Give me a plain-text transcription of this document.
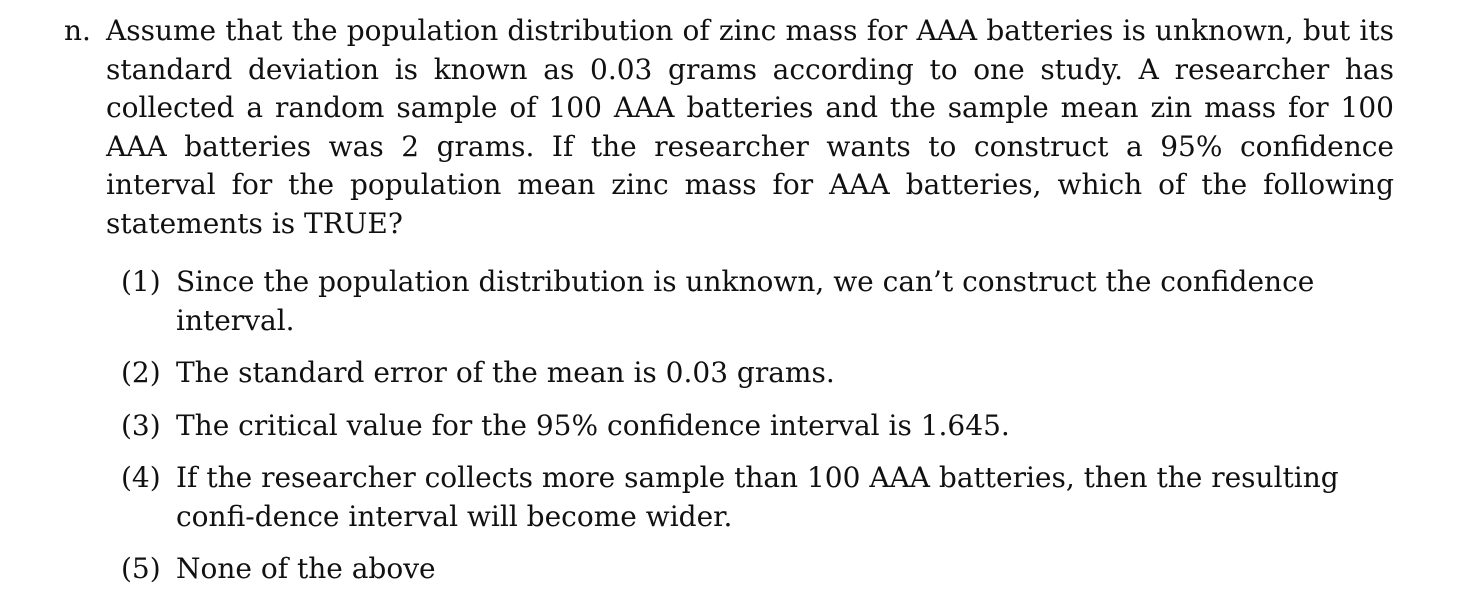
n. Assume that the population distribution of zinc mass for AAA batteries is unknown, but its standard deviation is known as 0.03 grams according to one study. A researcher has collected a random sample of 100 AAA batteries and the sample mean zin mass for 100 AAA batteries was 2 grams. If the researcher wants to construct a 95% confidence interval for the population mean zinc mass for AAA batteries, which of the following statements is TRUE?
(1) Since the population distribution is unknown, we can’t construct the confidence interval.
(2) The standard error of the mean is 0.03 grams.
(3) The critical value for the 95% confidence interval is 1.645.
(4) If the researcher collects more sample than 100 AAA batteries, then the resulting confi-dence interval will become wider.
(5) None of the above
